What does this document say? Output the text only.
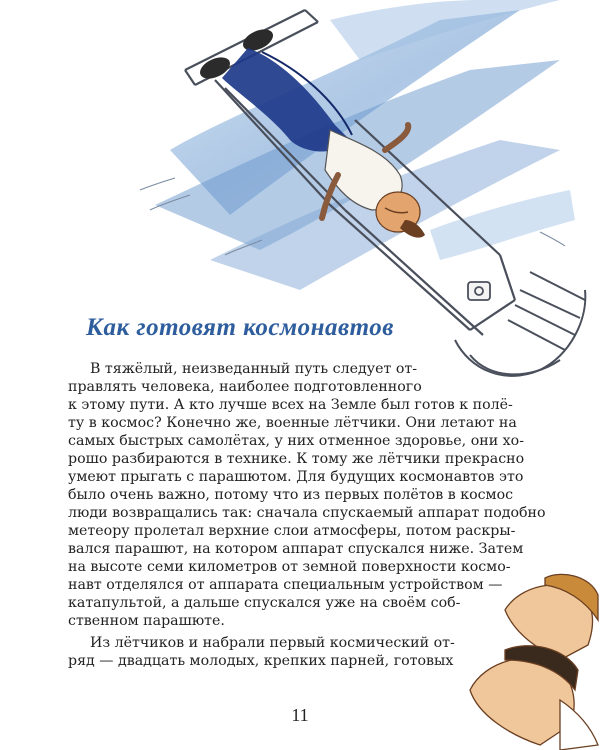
Как готовят космонавтов
В тяжёлый, неизведанный путь следует от-
правлять человека, наиболее подготовленного
к этому пути. А кто лучше всех на Земле был готов к полё-
ту в космос? Конечно же, военные лётчики. Они летают на
самых быстрых самолётах, у них отменное здоровье, они хо-
рошо разбираются в технике. К тому же лётчики прекрасно
умеют прыгать с парашютом. Для будущих космонавтов это
было очень важно, потому что из первых полётов в космос
люди возвращались так: сначала спускаемый аппарат подобно
метеору пролетал верхние слои атмосферы, потом раскры-
вался парашют, на котором аппарат спускался ниже. Затем
на высоте семи километров от земной поверхности космо-
навт отделялся от аппарата специальным устройством —
катапультой, а дальше спускался уже на своём соб-
ственном парашюте.
Из лётчиков и набрали первый космический от-
ряд — двадцать молодых, крепких парней, готовых
11
